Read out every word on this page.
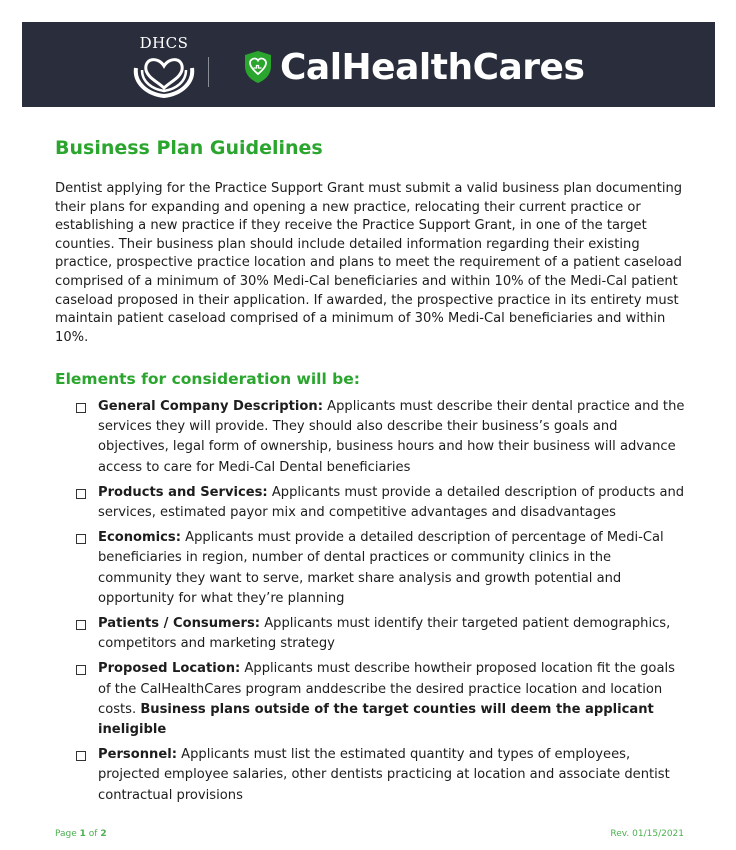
DHCS
CalHealthCares
Business Plan Guidelines

Dentist applying for the Practice Support Grant must submit a valid business plan documenting their plans for expanding and opening a new practice, relocating their current practice or establishing a new practice if they receive the Practice Support Grant, in one of the target counties. Their business plan should include detailed information regarding their existing practice, prospective practice location and plans to meet the requirement of a patient caseload comprised of a minimum of 30% Medi-Cal beneficiaries and within 10% of the Medi-Cal patient caseload proposed in their application. If awarded, the prospective practice in its entirety must maintain patient caseload comprised of a minimum of 30% Medi-Cal beneficiaries and within 10%.

Elements for consideration will be:
General Company Description: Applicants must describe their dental practice and the services they will provide. They should also describe their business’s goals and objectives, legal form of ownership, business hours and how their business will advance access to care for Medi-Cal Dental beneficiaries
Products and Services: Applicants must provide a detailed description of products and services, estimated payor mix and competitive advantages and disadvantages
Economics: Applicants must provide a detailed description of percentage of Medi-Cal beneficiaries in region, number of dental practices or community clinics in the community they want to serve, market share analysis and growth potential and opportunity for what they’re planning
Patients / Consumers: Applicants must identify their targeted patient demographics, competitors and marketing strategy
Proposed Location: Applicants must describe howtheir proposed location fit the goals of the CalHealthCares program anddescribe the desired practice location and location costs. Business plans outside of the target counties will deem the applicant ineligible
Personnel: Applicants must list the estimated quantity and types of employees, projected employee salaries, other dentists practicing at location and associate dentist contractual provisions
Page 1 of 2	Rev. 01/15/2021
